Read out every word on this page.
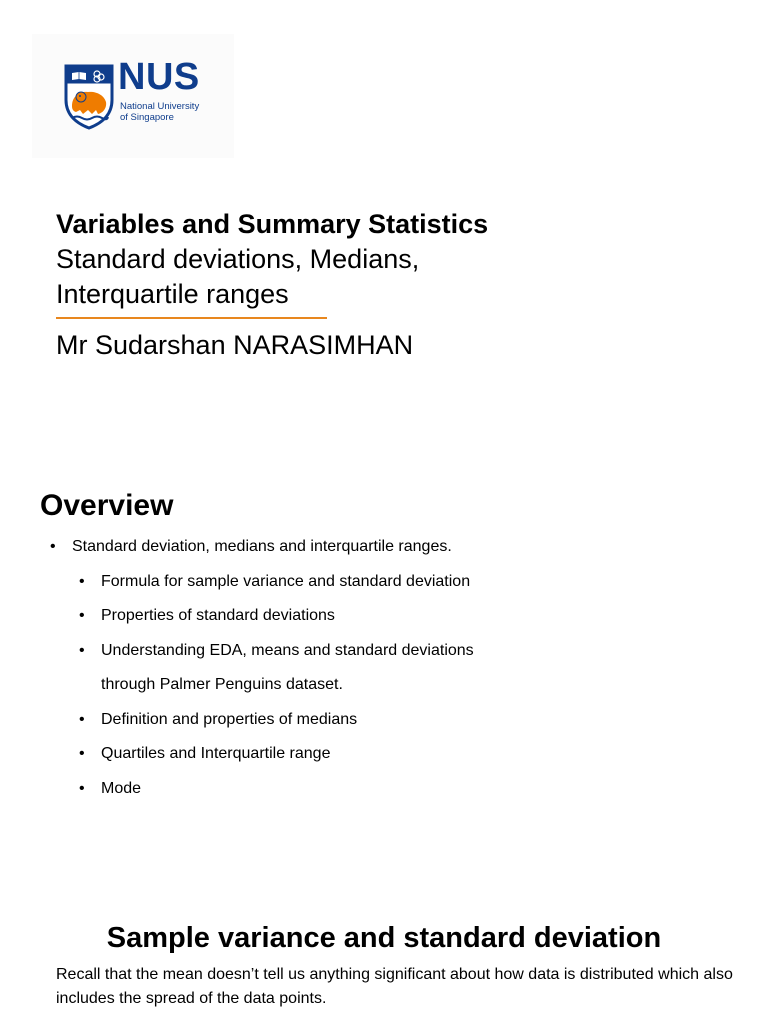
NUS
National University
of Singapore

Variables and Summary Statistics

Standard deviations, Medians,

Interquartile ranges

Mr Sudarshan NARASIMHAN
Overview
• Standard deviation, medians and interquartile ranges.
• Formula for sample variance and standard deviation
• Properties of standard deviations
• Understanding EDA, means and standard deviations
through Palmer Penguins dataset.
• Definition and properties of medians
• Quartiles and Interquartile range
• Mode
Sample variance and standard deviation

Recall that the mean doesn’t tell us anything significant about how data is distributed which also includes the spread of the data points.
